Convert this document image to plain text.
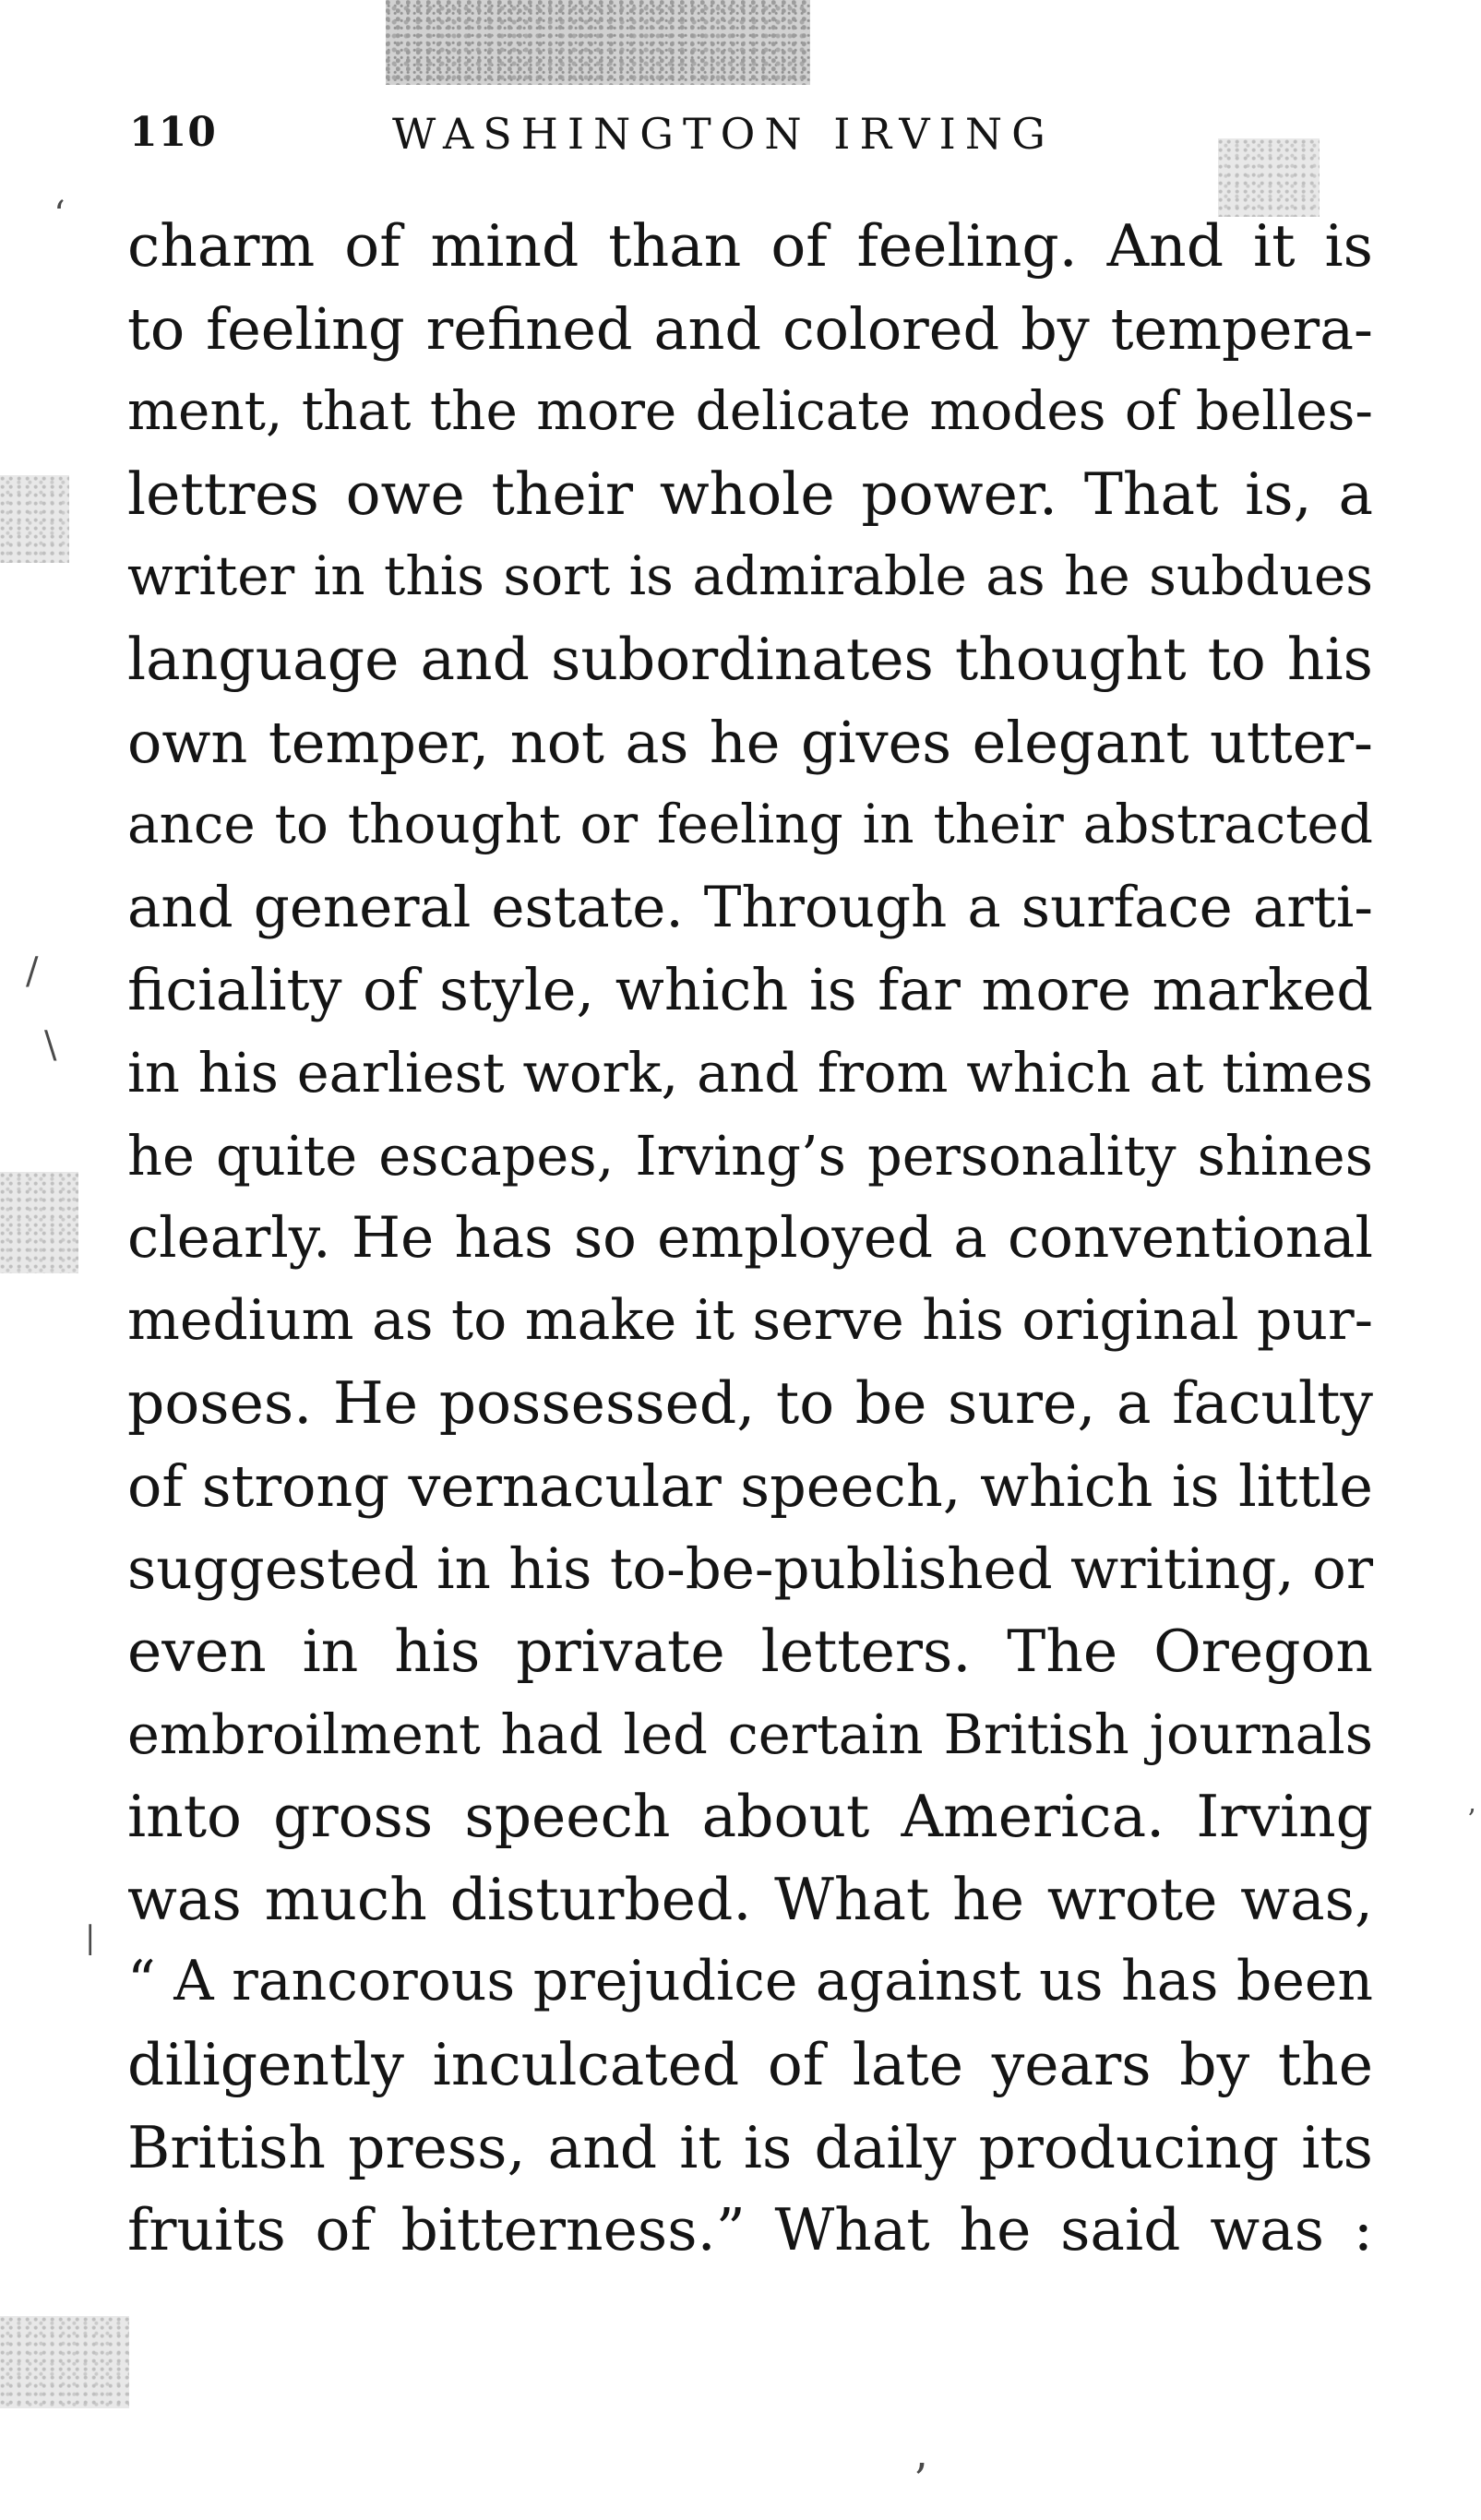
‘
/
\
|
’
’
110	WASHINGTON IRVING
charm of mind than of feeling. And it is
to feeling refined and colored by tempera-
ment, that the more delicate modes of belles-
lettres owe their whole power. That is, a
writer in this sort is admirable as he subdues
language and subordinates thought to his
own temper, not as he gives elegant utter-
ance to thought or feeling in their abstracted
and general estate. Through a surface arti-
ficiality of style, which is far more marked
in his earliest work, and from which at times
he quite escapes, Irving’s personality shines
clearly. He has so employed a conventional
medium as to make it serve his original pur-
poses. He possessed, to be sure, a faculty
of strong vernacular speech, which is little
suggested in his to-be-published writing, or
even in his private letters. The Oregon
embroilment had led certain British journals
into gross speech about America. Irving
was much disturbed. What he wrote was,
“ A rancorous prejudice against us has been
diligently inculcated of late years by the
British press, and it is daily producing its
fruits of bitterness.” What he said was :
